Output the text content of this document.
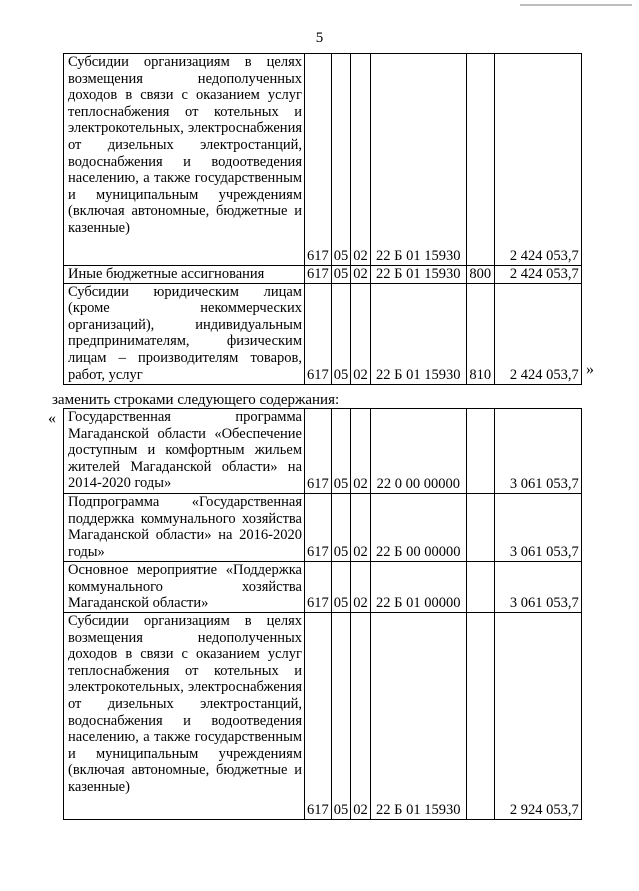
5
Субсидии организациям в целях возмещения недополученных доходов в связи с оказанием услуг теплоснабжения от котельных и электрокотельных, электроснабжения от дизельных электростанций, водоснабжения и водоотведения населению, а также государственным и муниципальным учреждениям (включая автономные, бюджетные и казенные)	617	05	02	22 Б 01 15930		2 424 053,7
Иные бюджетные ассигнования	617	05	02	22 Б 01 15930	800	2 424 053,7
Субсидии юридическим лицам (кроме некоммерческих организаций), индивидуальным предпринимателям, физическим лицам – производителям товаров, работ, услуг	617	05	02	22 Б 01 15930	810	2 424 053,7 »
заменить строками следующего содержания:
« Государственная программа Магаданской области «Обеспечение доступным и комфортным жильем жителей Магаданской области» на 2014-2020 годы»	617	05	02	22 0 00 00000		3 061 053,7
Подпрограмма «Государственная поддержка коммунального хозяйства Магаданской области» на 2016-2020 годы»	617	05	02	22 Б 00 00000		3 061 053,7
Основное мероприятие «Поддержка коммунального хозяйства Магаданской области»	617	05	02	22 Б 01 00000		3 061 053,7
Субсидии организациям в целях возмещения недополученных доходов в связи с оказанием услуг теплоснабжения от котельных и электрокотельных, электроснабжения от дизельных электростанций, водоснабжения и водоотведения населению, а также государственным и муниципальным учреждениям (включая автономные, бюджетные и казенные)	617	05	02	22 Б 01 15930		2 924 053,7
